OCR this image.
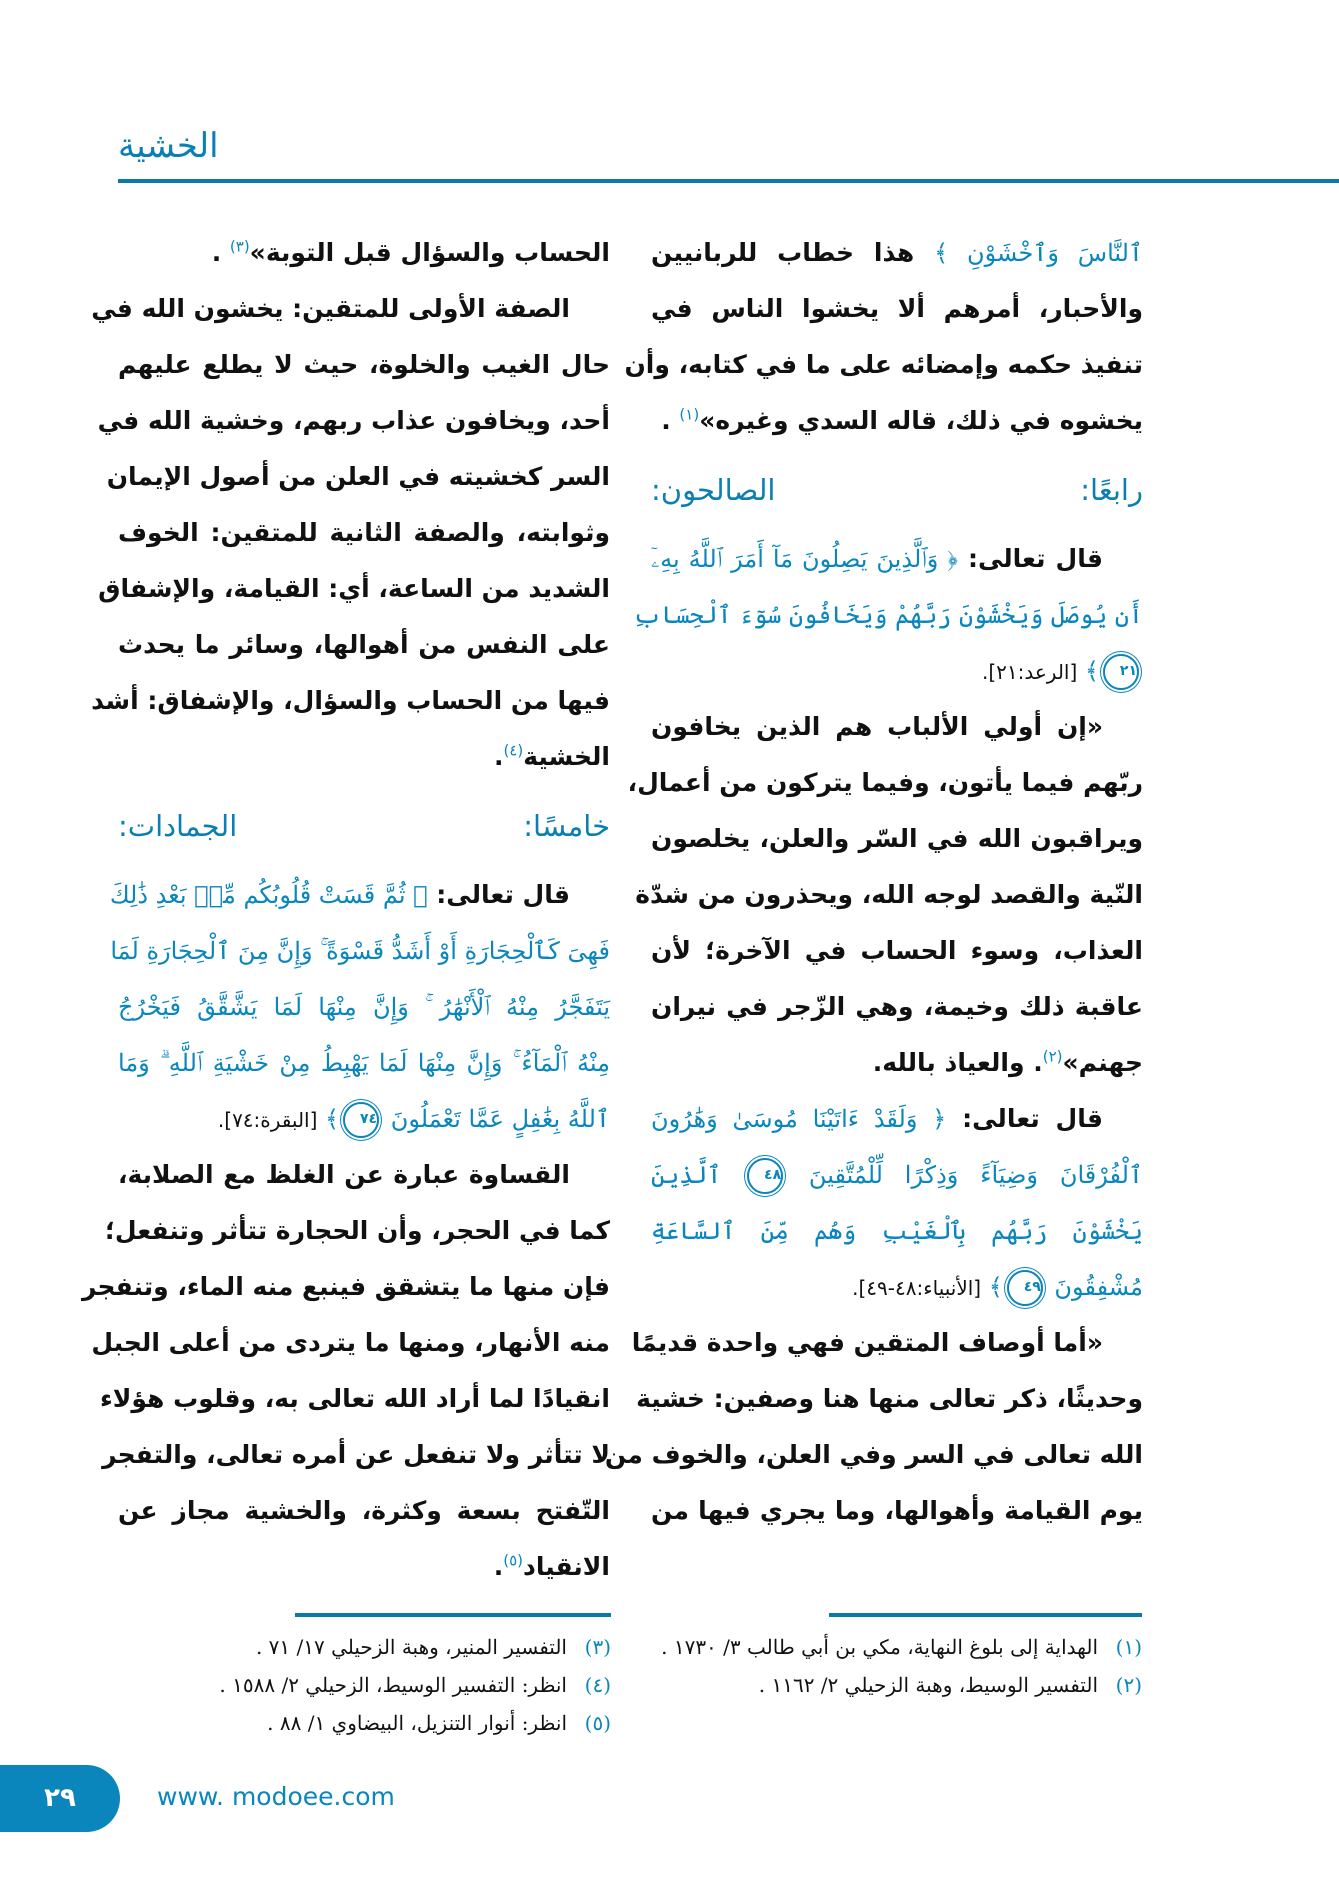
الخشية
ٱلنَّاسَ وَٱخْشَوْنِ ﴾ هذا خطاب للربانيين
والأحبار، أمرهم ألا يخشوا الناس في
تنفيذ حكمه وإمضائه على ما في كتابه، وأن
يخشوه في ذلك، قاله السدي وغيره»$^{(١)}$ .
رابعًا: الصالحون:
قال تعالى: ﴿ وَٱلَّذِينَ يَصِلُونَ مَآ أَمَرَ ٱللَّهُ بِهِۦٓ
أَن يُوصَلَ وَيَخْشَوْنَ رَبَّهُمْ وَيَخَافُونَ سُوٓءَ ٱلْحِسَابِ
٢١﴾ [الرعد:٢١].
«إن أولي الألباب هم الذين يخافون
ربّهم فيما يأتون، وفيما يتركون من أعمال،
ويراقبون الله في السّر والعلن، يخلصون
النّية والقصد لوجه الله، ويحذرون من شدّة
العذاب، وسوء الحساب في الآخرة؛ لأن
عاقبة ذلك وخيمة، وهي الزّجر في نيران
جهنم»$^{(٢)}$. والعياذ بالله.
قال تعالى: ﴿ وَلَقَدْ ءَاتَيْنَا مُوسَىٰ وَهَٰرُونَ
ٱلْفُرْقَانَ وَضِيَآءً وَذِكْرًا لِّلْمُتَّقِينَ ٤٨ ٱلَّذِينَ
يَخْشَوْنَ رَبَّهُم بِٱلْغَيْبِ وَهُم مِّنَ ٱلسَّاعَةِ
مُشْفِقُونَ ٤٩﴾ [الأنبياء:٤٨-٤٩].
«أما أوصاف المتقين فهي واحدة قديمًا
وحديثًا، ذكر تعالى منها هنا وصفين: خشية
الله تعالى في السر وفي العلن، والخوف من
يوم القيامة وأهوالها، وما يجري فيها من
الحساب والسؤال قبل التوبة»$^{(٣)}$ .
الصفة الأولى للمتقين: يخشون الله في
حال الغيب والخلوة، حيث لا يطلع عليهم
أحد، ويخافون عذاب ربهم، وخشية الله في
السر كخشيته في العلن من أصول الإيمان
وثوابته، والصفة الثانية للمتقين: الخوف
الشديد من الساعة، أي: القيامة، والإشفاق
على النفس من أهوالها، وسائر ما يحدث
فيها من الحساب والسؤال، والإشفاق: أشد
الخشية$^{(٤)}$.
خامسًا: الجمادات:
قال تعالى: ﴿ ثُمَّ قَسَتْ قُلُوبُكُم مِّنۢ بَعْدِ ذَٰلِكَ
فَهِىَ كَٱلْحِجَارَةِ أَوْ أَشَدُّ قَسْوَةً ۚ وَإِنَّ مِنَ ٱلْحِجَارَةِ لَمَا
يَتَفَجَّرُ مِنْهُ ٱلْأَنْهَٰرُ ۚ وَإِنَّ مِنْهَا لَمَا يَشَّقَّقُ فَيَخْرُجُ
مِنْهُ ٱلْمَآءُ ۚ وَإِنَّ مِنْهَا لَمَا يَهْبِطُ مِنْ خَشْيَةِ ٱللَّهِ ۗ وَمَا
ٱللَّهُ بِغَٰفِلٍ عَمَّا تَعْمَلُونَ ٧٤﴾ [البقرة:٧٤].
القساوة عبارة عن الغلظ مع الصلابة،
كما في الحجر، وأن الحجارة تتأثر وتنفعل؛
فإن منها ما يتشقق فينبع منه الماء، وتنفجر
منه الأنهار، ومنها ما يتردى من أعلى الجبل
انقيادًا لما أراد الله تعالى به، وقلوب هؤلاء
لا تتأثر ولا تنفعل عن أمره تعالى، والتفجر
التّفتح بسعة وكثرة، والخشية مجاز عن
الانقياد$^{(٥)}$.
(١)
الهداية إلى بلوغ النهاية، مكي بن أبي طالب ٣/ ١٧٣٠ .
(٢)
التفسير الوسيط، وهبة الزحيلي ٢/ ١١٦٢ .
(٣)
التفسير المنير، وهبة الزحيلي ١٧/ ٧١ .
(٤)
انظر: التفسير الوسيط، الزحيلي ٢/ ١٥٨٨ .
(٥)
انظر: أنوار التنزيل، البيضاوي ١/ ٨٨ .
٢٩	www. modoee.com
